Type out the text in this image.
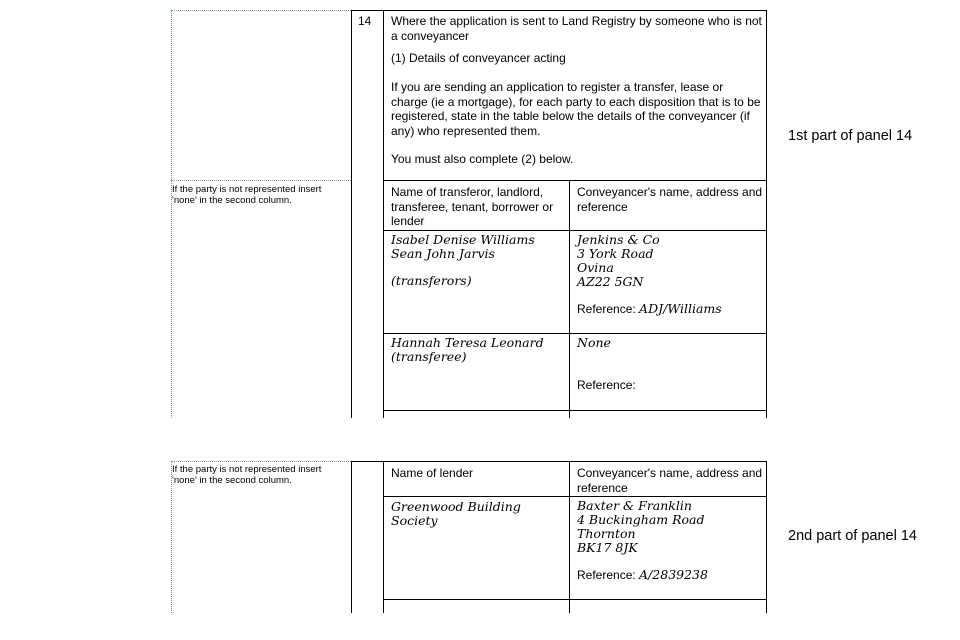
14 Where the application is sent to Land Registry by someone who is not a conveyancer
(1) Details of conveyancer acting
If you are sending an application to register a transfer, lease or charge (ie a mortgage), for each party to each disposition that is to be registered, state in the table below the details of the conveyancer (if any) who represented them.
You must also complete (2) below.
If the party is not represented insert 'none' in the second column.
Name of transferor, landlord, transferee, tenant, borrower or lender
Conveyancer's name, address and reference
Isabel Denise Williams
Sean John Jarvis
(transferors)
Jenkins & Co
3 York Road
Ovina
AZ22 5GN
Reference: ADJ/Williams
Hannah Teresa Leonard
(transferee)
None
Reference:
1st part of panel 14
If the party is not represented insert 'none' in the second column.	Name of lender	Conveyancer's name, address and reference
Greenwood Building
Society
Baxter & Franklin
4 Buckingham Road
Thornton
BK17 8JK
Reference: A/2839238
2nd part of panel 14
